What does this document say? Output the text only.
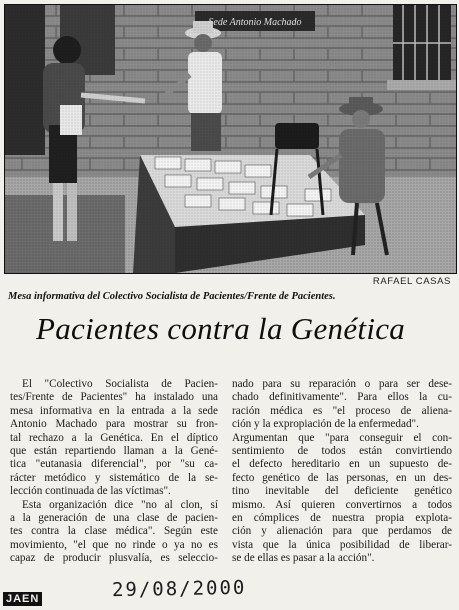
RAFAEL CASAS
Mesa informativa del Colectivo Socialista de Pacientes/Frente de Pacientes.
Pacientes contra la Genética
El "Colectivo Socialista de Pacien-
tes/Frente de Pacientes" ha instalado una
mesa informativa en la entrada a la sede
Antonio Machado para mostrar su fron-
tal rechazo a la Genética. En el díptico
que están repartiendo llaman a la Gené-
tica "eutanasia diferencial", por "su ca-
rácter metódico y sistemático de la se-
lección continuada de las víctimas".
Esta organización dice "no al clon, sí
a la generación de una clase de pacien-
tes contra la clase médica". Según este
movimiento, "el que no rinde o ya no es
capaz de producir plusvalía, es seleccio-
nado para su reparación o para ser dese-
chado definitivamente". Para ellos la cu-
ración médica es "el proceso de aliena-
ción y la expropiación de la enfermedad".
Argumentan que "para conseguir el con-
sentimiento de todos están convirtiendo
el defecto hereditario en un supuesto de-
fecto genético de las personas, en un des-
tino inevitable del deficiente genético
mismo. Así quieren convertirnos a todos
en cómplices de nuestra propia explota-
ción y alienación para que perdamos de
vista que la única posibilidad de liberar-
se de ellas es pasar a la acción".
JAEN	29/08/2000
